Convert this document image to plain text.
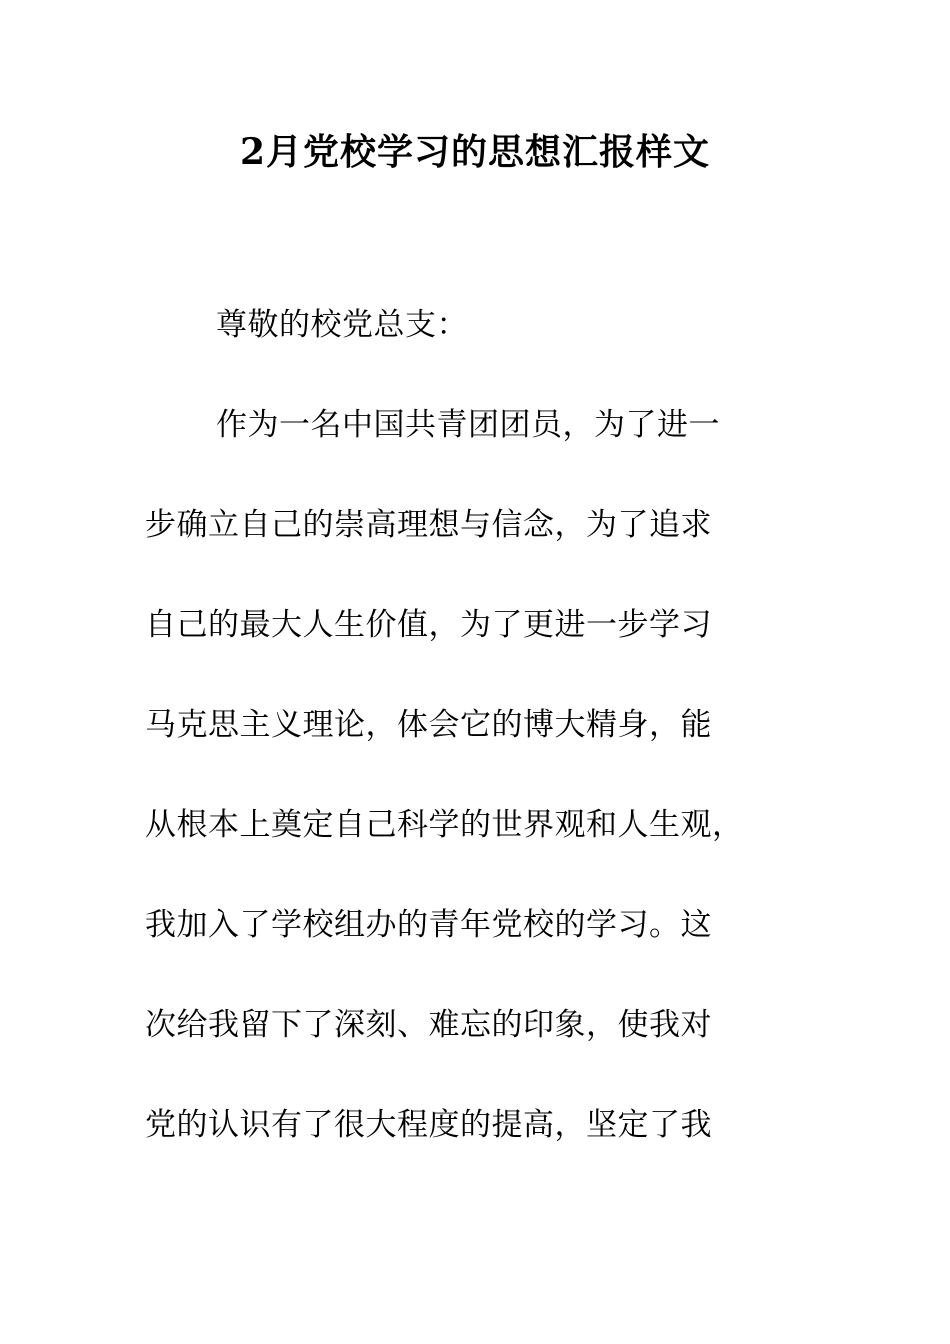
2月党校学习的思想汇报样文
尊敬的校党总支：
作为一名中国共青团团员，为了进一
步确立自己的崇高理想与信念，为了追求
自己的最大人生价值，为了更进一步学习
马克思主义理论，体会它的博大精身，能
从根本上奠定自己科学的世界观和人生观，
我加入了学校组办的青年党校的学习。这
次给我留下了深刻、难忘的印象，使我对
党的认识有了很大程度的提高，坚定了我
